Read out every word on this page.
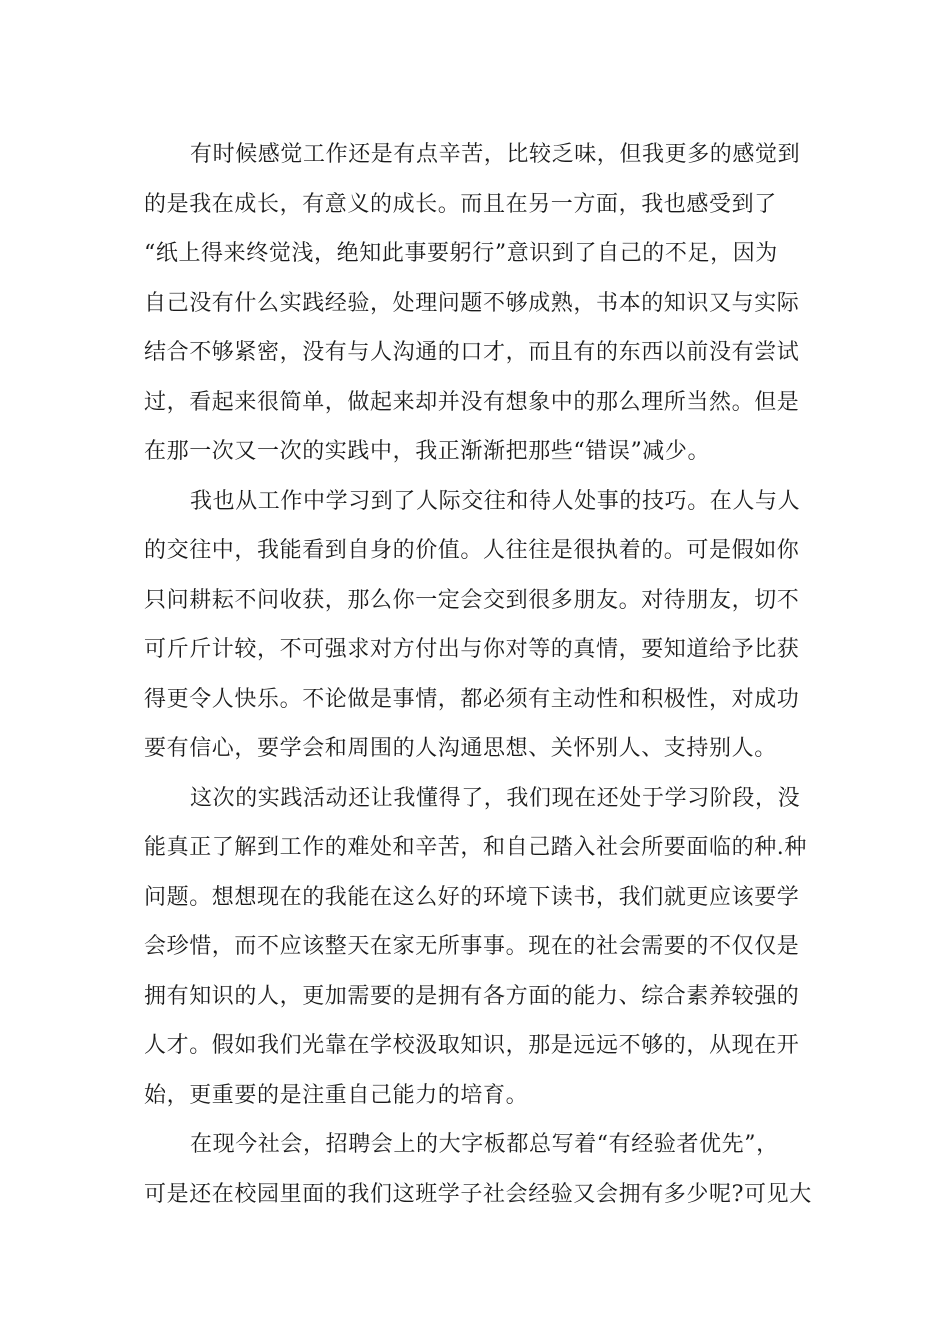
有时候感觉工作还是有点辛苦，比较乏味，但我更多的感觉到
的是我在成长，有意义的成长。而且在另一方面，我也感受到了
“纸上得来终觉浅，绝知此事要躬行”意识到了自己的不足，因为
自己没有什么实践经验，处理问题不够成熟，书本的知识又与实际
结合不够紧密，没有与人沟通的口才，而且有的东西以前没有尝试
过，看起来很简单，做起来却并没有想象中的那么理所当然。但是
在那一次又一次的实践中，我正渐渐把那些“错误”减少。
我也从工作中学习到了人际交往和待人处事的技巧。在人与人
的交往中，我能看到自身的价值。人往往是很执着的。可是假如你
只问耕耘不问收获，那么你一定会交到很多朋友。对待朋友，切不
可斤斤计较，不可强求对方付出与你对等的真情，要知道给予比获
得更令人快乐。不论做是事情，都必须有主动性和积极性，对成功
要有信心，要学会和周围的人沟通思想、关怀别人、支持别人。
这次的实践活动还让我懂得了，我们现在还处于学习阶段，没
能真正了解到工作的难处和辛苦，和自己踏入社会所要面临的种.种
问题。想想现在的我能在这么好的环境下读书，我们就更应该要学
会珍惜，而不应该整天在家无所事事。现在的社会需要的不仅仅是
拥有知识的人，更加需要的是拥有各方面的能力、综合素养较强的
人才。假如我们光靠在学校汲取知识，那是远远不够的，从现在开
始，更重要的是注重自己能力的培育。
在现今社会，招聘会上的大字板都总写着“有经验者优先”，
可是还在校园里面的我们这班学子社会经验又会拥有多少呢?可见大
